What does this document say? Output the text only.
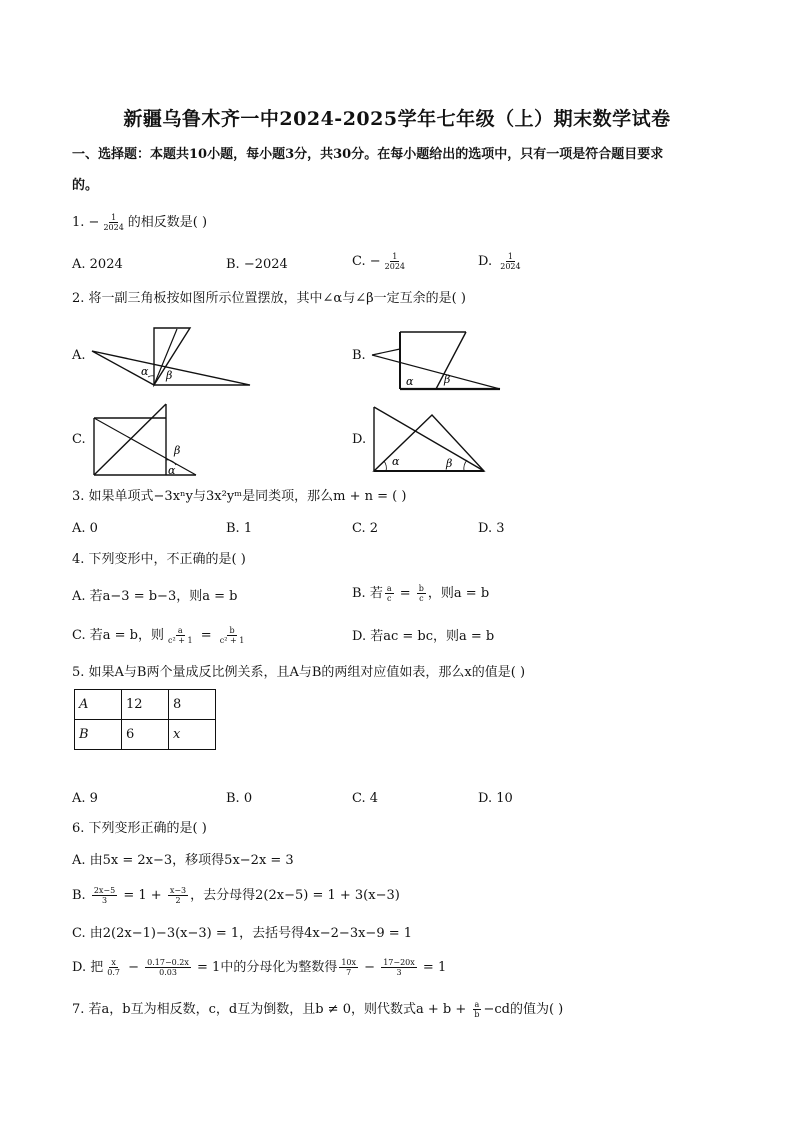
新疆乌鲁木齐一中2024-2025学年七年级（上）期末数学试卷
一、选择题：本题共10小题，每小题3分，共30分。在每小题给出的选项中，只有一项是符合题目要求
的。
1. − $\frac{1}{2024}$ 的相反数是( )
A. 2024	B. −2024	C. − $\frac{1}{2024}$	D. $\frac{1}{2024}$
2. 将一副三角板按如图所示位置摆放，其中∠α与∠β一定互余的是( )
A.
α β
B.
α	β
C.
β
α
D.
α	β
3. 如果单项式−3xⁿy与3x²yᵐ是同类项，那么m + n = ( )
A. 0	B. 1	C. 2	D. 3
4. 下列变形中，不正确的是( )
A. 若a−3 = b−3，则a = b	B. 若 $\frac{a}{c} = \frac{b}{c}$ ，则a = b
C. 若a = b，则 $\frac{a}{\text{c² + 1}} = \frac{b}{\text{c² + 1}}$	D. 若ac = bc，则a = b
5. 如果A与B两个量成反比例关系，且A与B的两组对应值如表，那么x的值是( )
A	12	8
B	6	x
A. 9	B. 0	C. 4	D. 10
6. 下列变形正确的是( )
A. 由5x = 2x−3，移项得5x−2x = 3
B. $\frac{2x-5}{3} = 1 + \frac{x-3}{2}$ ，去分母得2(2x−5) = 1 + 3(x−3)
C. 由2(2x−1)−3(x−3) = 1，去括号得4x−2−3x−9 = 1
D. 把 $\frac{x}{0.7} - \frac{0.17-0.2x}{0.03} = 1$中的分母化为整数得 $\frac{10x}{7} - \frac{17-20x}{3} = 1$
7. 若a，b互为相反数，c，d互为倒数，且b ≠ 0，则代数式$a + b + \frac{a}{b} -cd$的值为( )
